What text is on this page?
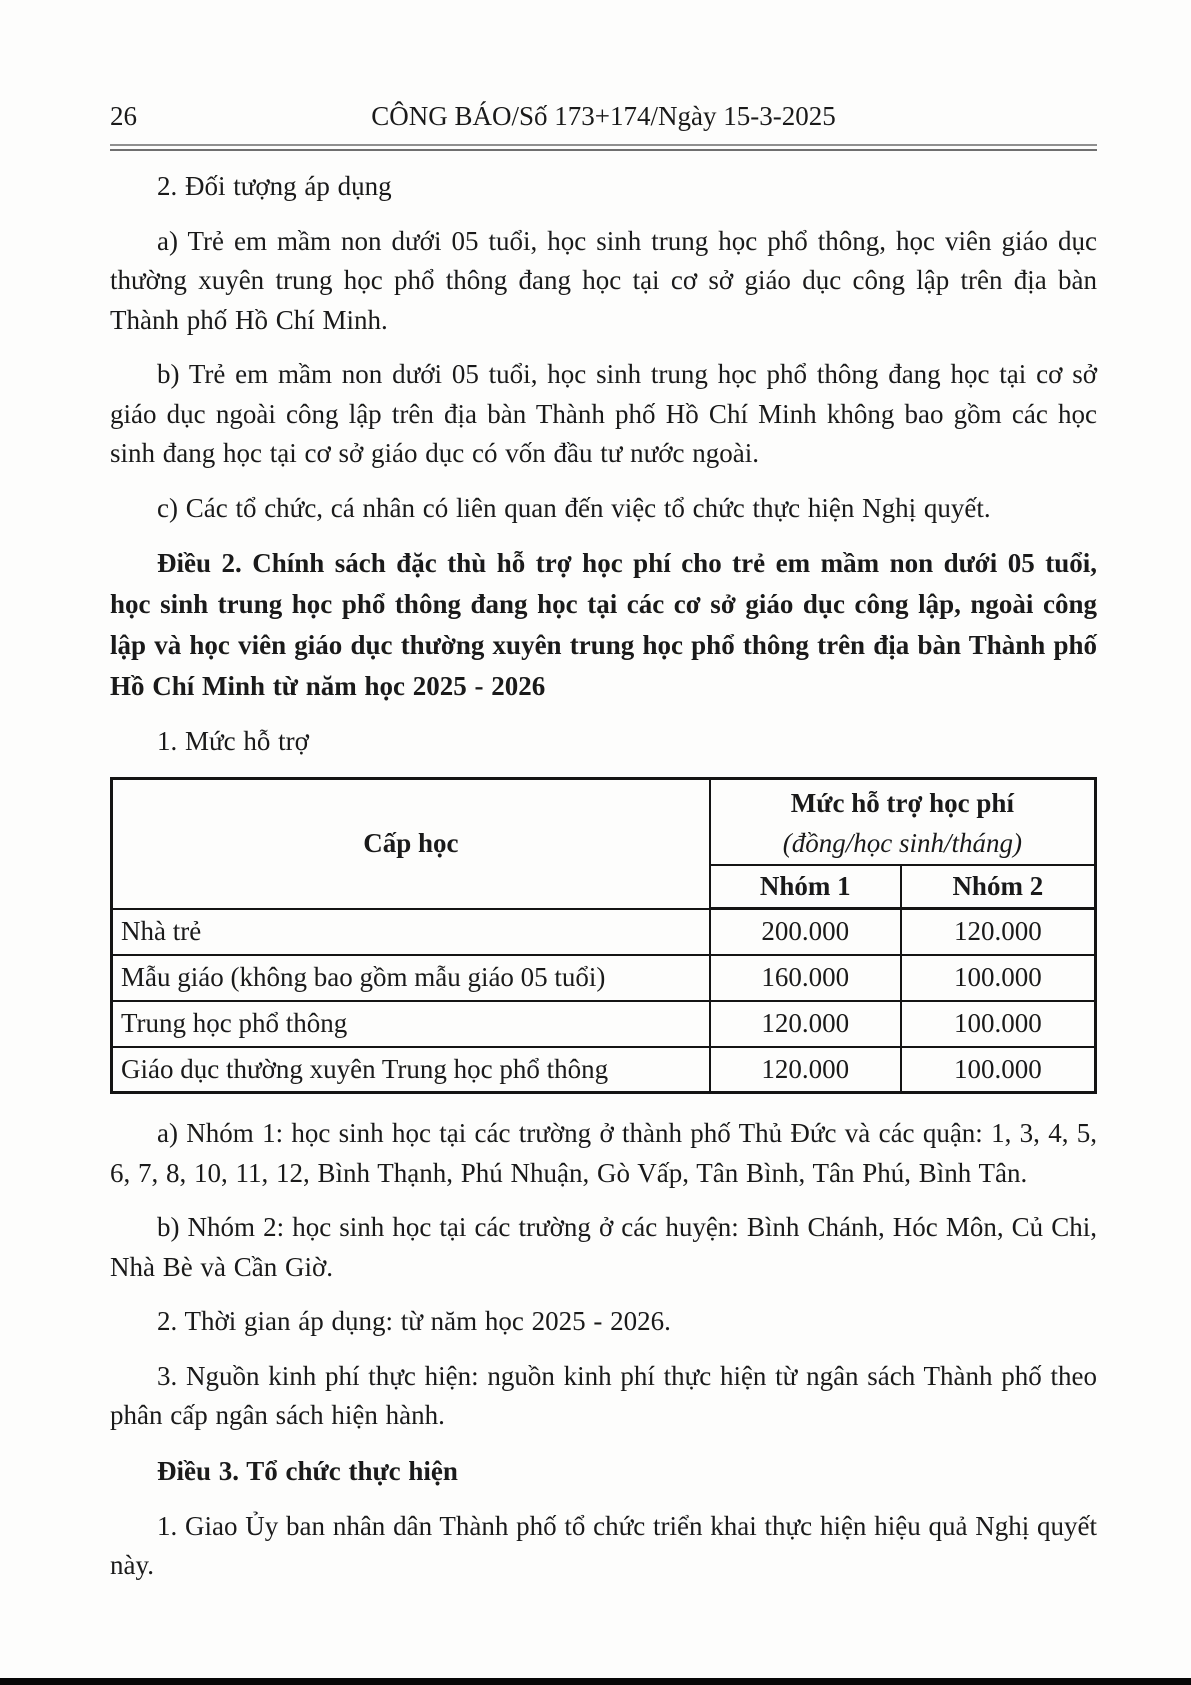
26	CÔNG BÁO/Số 173+174/Ngày 15-3-2025

2. Đối tượng áp dụng

a) Trẻ em mầm non dưới 05 tuổi, học sinh trung học phổ thông, học viên giáo dục thường xuyên trung học phổ thông đang học tại cơ sở giáo dục công lập trên địa bàn Thành phố Hồ Chí Minh.

b) Trẻ em mầm non dưới 05 tuổi, học sinh trung học phổ thông đang học tại cơ sở giáo dục ngoài công lập trên địa bàn Thành phố Hồ Chí Minh không bao gồm các học sinh đang học tại cơ sở giáo dục có vốn đầu tư nước ngoài.

c) Các tổ chức, cá nhân có liên quan đến việc tổ chức thực hiện Nghị quyết.

Điều 2. Chính sách đặc thù hỗ trợ học phí cho trẻ em mầm non dưới 05 tuổi, học sinh trung học phổ thông đang học tại các cơ sở giáo dục công lập, ngoài công lập và học viên giáo dục thường xuyên trung học phổ thông trên địa bàn Thành phố Hồ Chí Minh từ năm học 2025 - 2026

1. Mức hỗ trợ

Cấp học	Mức hỗ trợ học phí
(đồng/học sinh/tháng)	

	Nhóm 1	Nhóm 2
Nhà trẻ	200.000	120.000
Mẫu giáo (không bao gồm mẫu giáo 05 tuổi)	160.000	100.000
Trung học phổ thông	120.000	100.000
Giáo dục thường xuyên Trung học phổ thông	120.000	100.000

a) Nhóm 1: học sinh học tại các trường ở thành phố Thủ Đức và các quận: 1, 3, 4, 5, 6, 7, 8, 10, 11, 12, Bình Thạnh, Phú Nhuận, Gò Vấp, Tân Bình, Tân Phú, Bình Tân.

b) Nhóm 2: học sinh học tại các trường ở các huyện: Bình Chánh, Hóc Môn, Củ Chi, Nhà Bè và Cần Giờ.

2. Thời gian áp dụng: từ năm học 2025 - 2026.

3. Nguồn kinh phí thực hiện: nguồn kinh phí thực hiện từ ngân sách Thành phố theo phân cấp ngân sách hiện hành.

Điều 3. Tổ chức thực hiện

1. Giao Ủy ban nhân dân Thành phố tổ chức triển khai thực hiện hiệu quả Nghị quyết này.
